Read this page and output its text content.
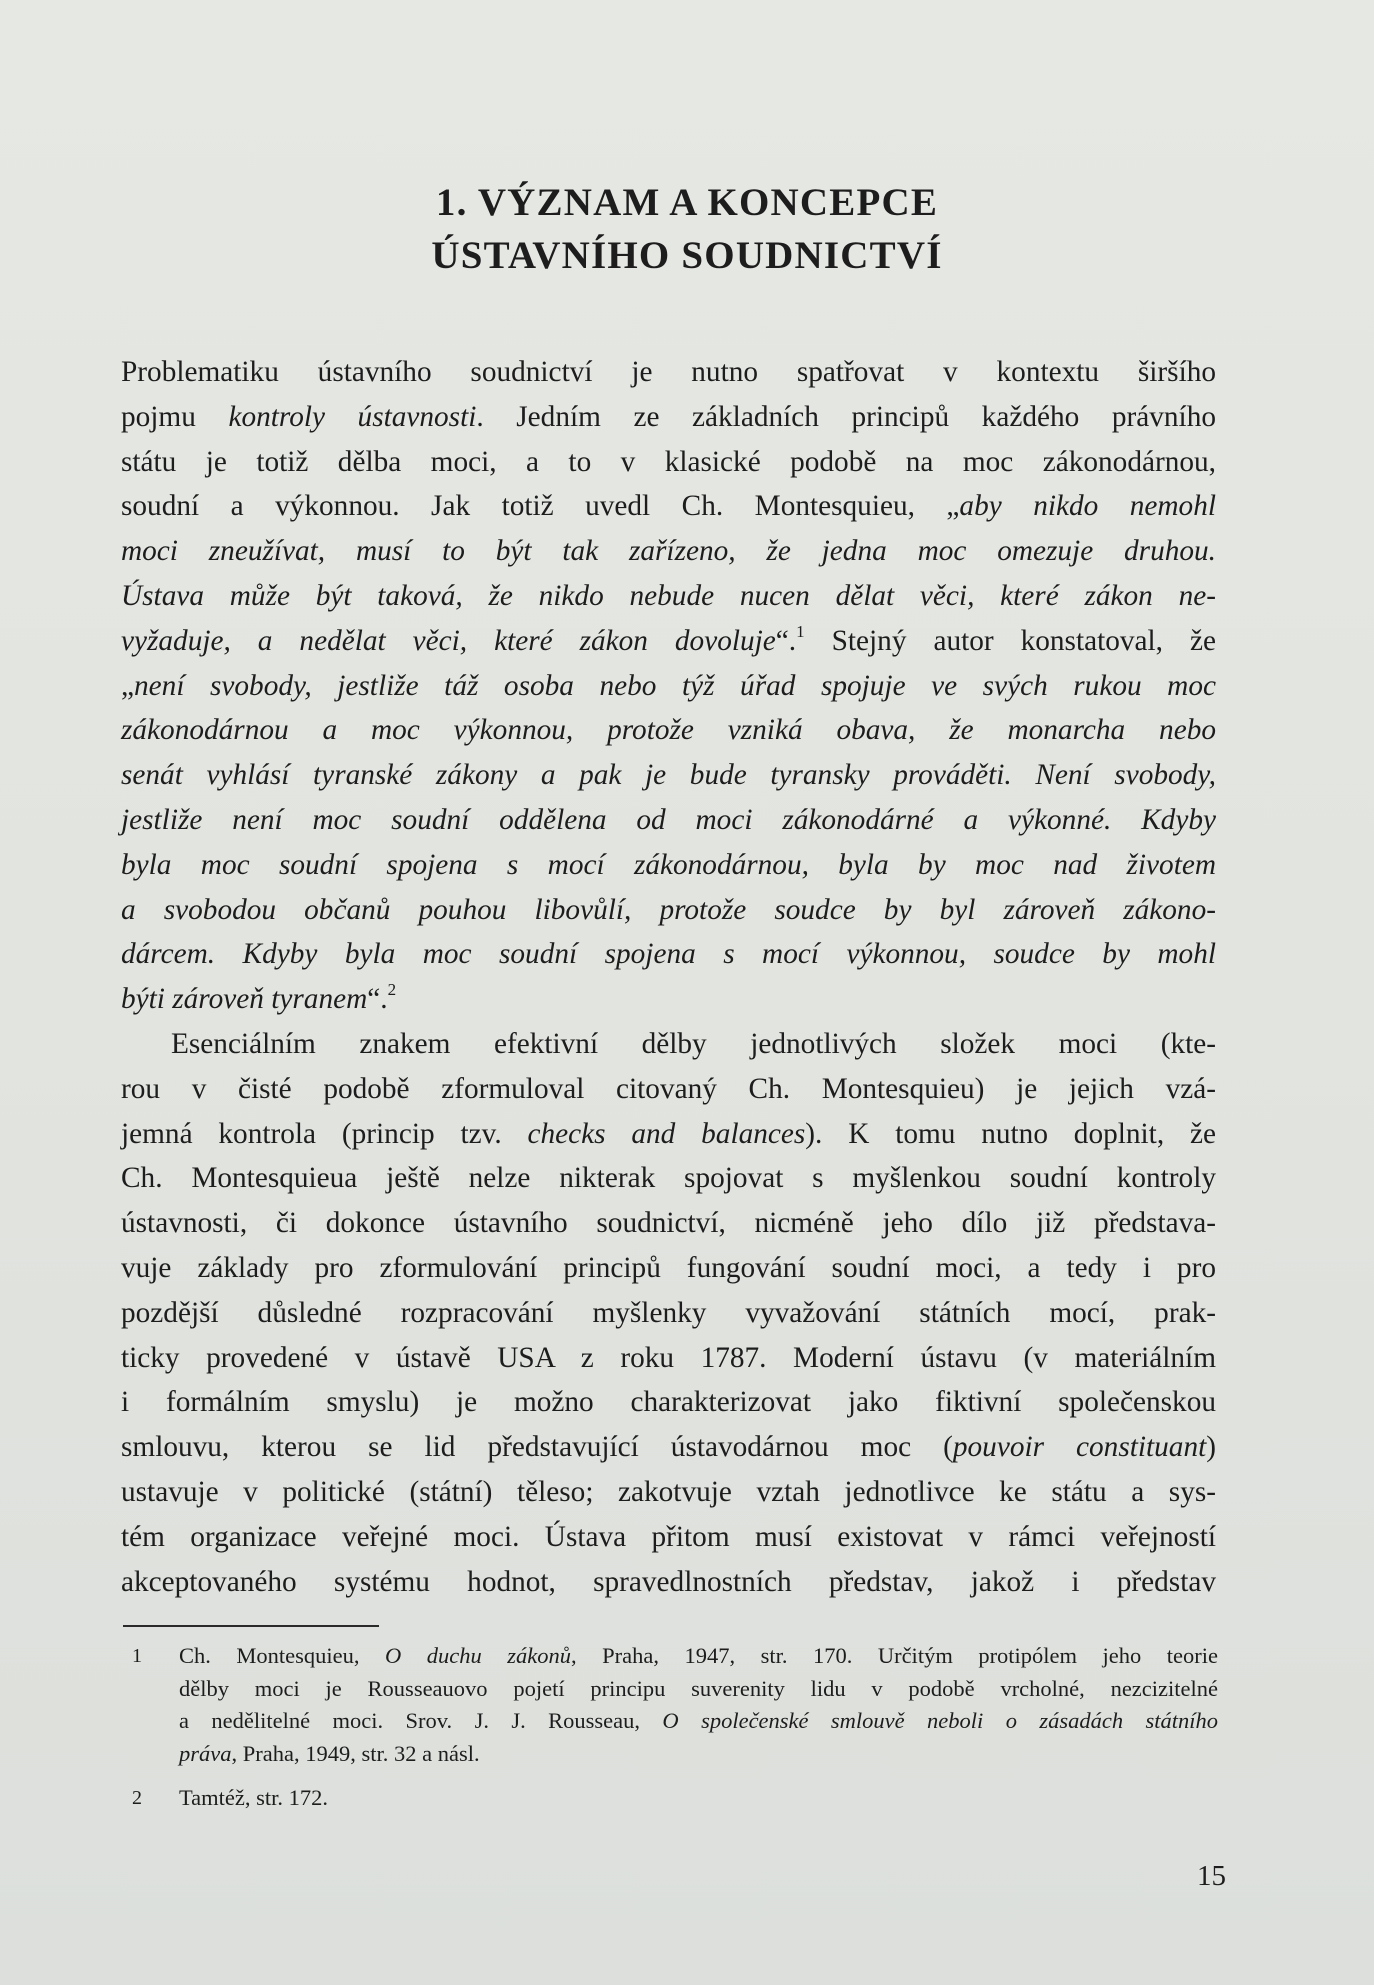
1. VÝZNAM A KONCEPCE
ÚSTAVNÍHO SOUDNICTVÍ
Problematiku ústavního soudnictví je nutno spatřovat v kontextu širšího
pojmu kontroly ústavnosti. Jedním ze základních principů každého právního
státu je totiž dělba moci, a to v klasické podobě na moc zákonodárnou,
soudní a výkonnou. Jak totiž uvedl Ch. Montesquieu, „aby nikdo nemohl
moci zneužívat, musí to být tak zařízeno, že jedna moc omezuje druhou.
Ústava může být taková, že nikdo nebude nucen dělat věci, které zákon ne-
vyžaduje, a nedělat věci, které zákon dovoluje“.$^1$ Stejný autor konstatoval, že
„není svobody, jestliže táž osoba nebo týž úřad spojuje ve svých rukou moc
zákonodárnou a moc výkonnou, protože vzniká obava, že monarcha nebo
senát vyhlásí tyranské zákony a pak je bude tyransky prováděti. Není svobody,
jestliže není moc soudní oddělena od moci zákonodárné a výkonné. Kdyby
byla moc soudní spojena s mocí zákonodárnou, byla by moc nad životem
a svobodou občanů pouhou libovůlí, protože soudce by byl zároveň zákono-
dárcem. Kdyby byla moc soudní spojena s mocí výkonnou, soudce by mohl
býti zároveň tyranem“.$^2$
Esenciálním znakem efektivní dělby jednotlivých složek moci (kte-
rou v čisté podobě zformuloval citovaný Ch. Montesquieu) je jejich vzá-
jemná kontrola (princip tzv. checks and balances). K tomu nutno doplnit, že
Ch. Montesquieua ještě nelze nikterak spojovat s myšlenkou soudní kontroly
ústavnosti, či dokonce ústavního soudnictví, nicméně jeho dílo již představa-
vuje základy pro zformulování principů fungování soudní moci, a tedy i pro
pozdější důsledné rozpracování myšlenky vyvažování státních mocí, prak-
ticky provedené v ústavě USA z roku 1787. Moderní ústavu (v materiálním
i formálním smyslu) je možno charakterizovat jako fiktivní společenskou
smlouvu, kterou se lid představující ústavodárnou moc (pouvoir constituant)
ustavuje v politické (státní) těleso; zakotvuje vztah jednotlivce ke státu a sys-
tém organizace veřejné moci. Ústava přitom musí existovat v rámci veřejností
akceptovaného systému hodnot, spravedlnostních představ, jakož i představ
1 Ch. Montesquieu, O duchu zákonů, Praha, 1947, str. 170. Určitým protipólem jeho teorie
dělby moci je Rousseauovo pojetí principu suverenity lidu v podobě vrcholné, nezcizitelné
a nedělitelné moci. Srov. J. J. Rousseau, O společenské smlouvě neboli o zásadách státního
práva, Praha, 1949, str. 32 a násl.
2 Tamtéž, str. 172.
15
